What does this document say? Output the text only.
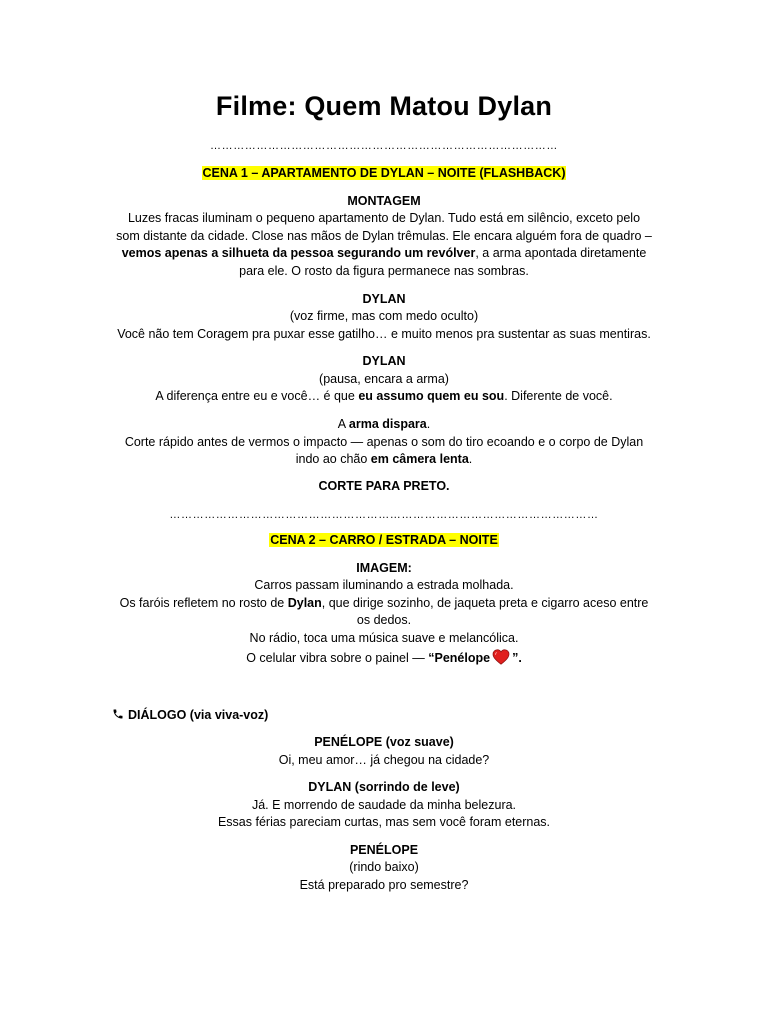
Filme: Quem Matou Dylan
………………………………………………………………………………
CENA 1 – APARTAMENTO DE DYLAN – NOITE (FLASHBACK)
MONTAGEM
Luzes fracas iluminam o pequeno apartamento de Dylan. Tudo está em silêncio, exceto pelo
som distante da cidade. Close nas mãos de Dylan trêmulas. Ele encara alguém fora de quadro –
vemos apenas a silhueta da pessoa segurando um revólver, a arma apontada diretamente
para ele. O rosto da figura permanece nas sombras.
DYLAN
(voz firme, mas com medo oculto)
Você não tem Coragem pra puxar esse gatilho… e muito menos pra sustentar as suas mentiras.
DYLAN
(pausa, encara a arma)
A diferença entre eu e você… é que eu assumo quem eu sou. Diferente de você.
A arma dispara.
Corte rápido antes de vermos o impacto — apenas o som do tiro ecoando e o corpo de Dylan
indo ao chão em câmera lenta.
CORTE PARA PRETO.
…………………………………………………………………………………………………
CENA 2 – CARRO / ESTRADA – NOITE
IMAGEM:
Carros passam iluminando a estrada molhada.
Os faróis refletem no rosto de Dylan, que dirige sozinho, de jaqueta preta e cigarro aceso entre
os dedos.
No rádio, toca uma música suave e melancólica.
O celular vibra sobre o painel — “Penélope ”.
DIÁLOGO (via viva-voz)
PENÉLOPE (voz suave)
Oi, meu amor… já chegou na cidade?
DYLAN (sorrindo de leve)
Já. E morrendo de saudade da minha belezura.
Essas férias pareciam curtas, mas sem você foram eternas.
PENÉLOPE
(rindo baixo)
Está preparado pro semestre?
